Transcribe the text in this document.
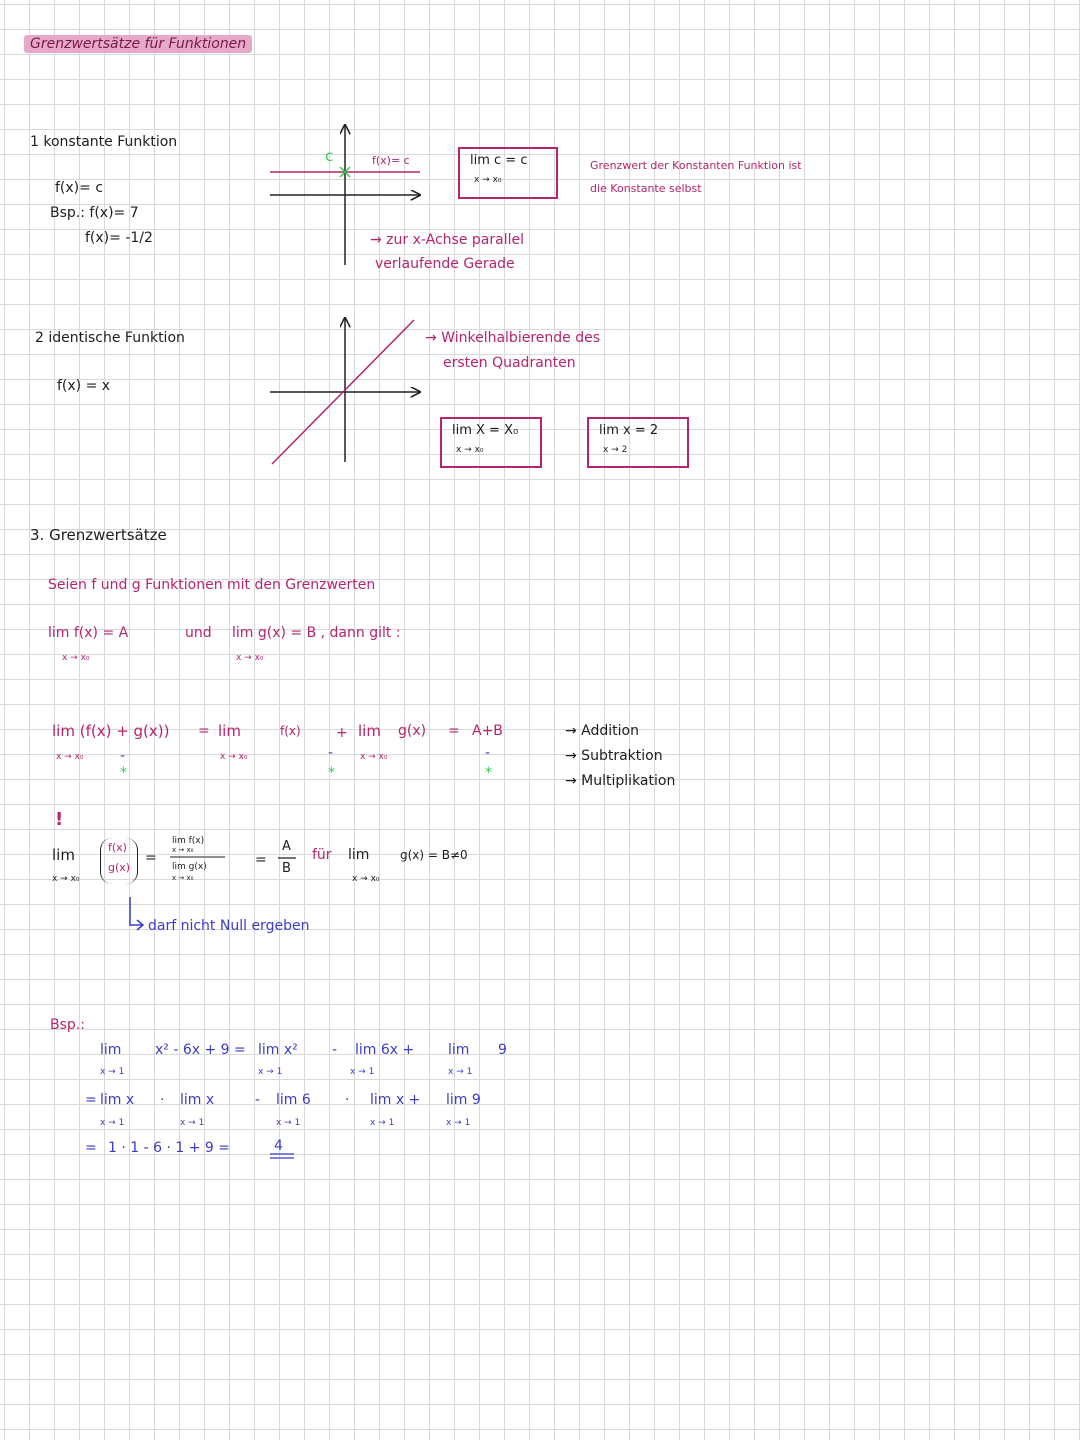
Grenzwertsätze für Funktionen
1 konstante Funktion
f(x)= c
Bsp.: f(x)= 7
f(x)= -1/2
c	f(x)= c	lim c = c
x → x₀
Grenzwert der Konstanten Funktion ist
die Konstante selbst
→ zur x-Achse parallel
verlaufende Gerade
2 identische Funktion
f(x) = x
→ Winkelhalbierende des
ersten Quadranten
lim X = X₀
x → x₀
lim x = 2
x → 2
3. Grenzwertsätze
Seien f und g Funktionen mit den Grenzwerten
lim f(x) = A
x → x₀
und lim g(x) = B , dann gilt :
x → x₀
lim (f(x) + g(x))
x → x₀	-
*
= lim
x → x₀
f(x)	+
-
*
lim g(x)
x → x₀
= A+B
-
*
→ Addition
→ Subtraktion
→ Multiplikation
!
lim
x → x₀
f(x)
g(x)
=
lim f(x)
x → x₀
lim g(x)
x → x₀
=
A
B
für lim
x → x₀
g(x) = B≠0
darf nicht Null ergeben
Bsp.:
lim
x → 1
x² - 6x + 9 = lim x²
x → 1
- lim 6x +
x → 1
lim
x → 1
9
= lim x
x → 1
· lim x
x → 1
- lim 6
x → 1
· lim x +
x → 1
lim 9
x → 1
= 1 · 1 - 6 · 1 + 9 =	4
